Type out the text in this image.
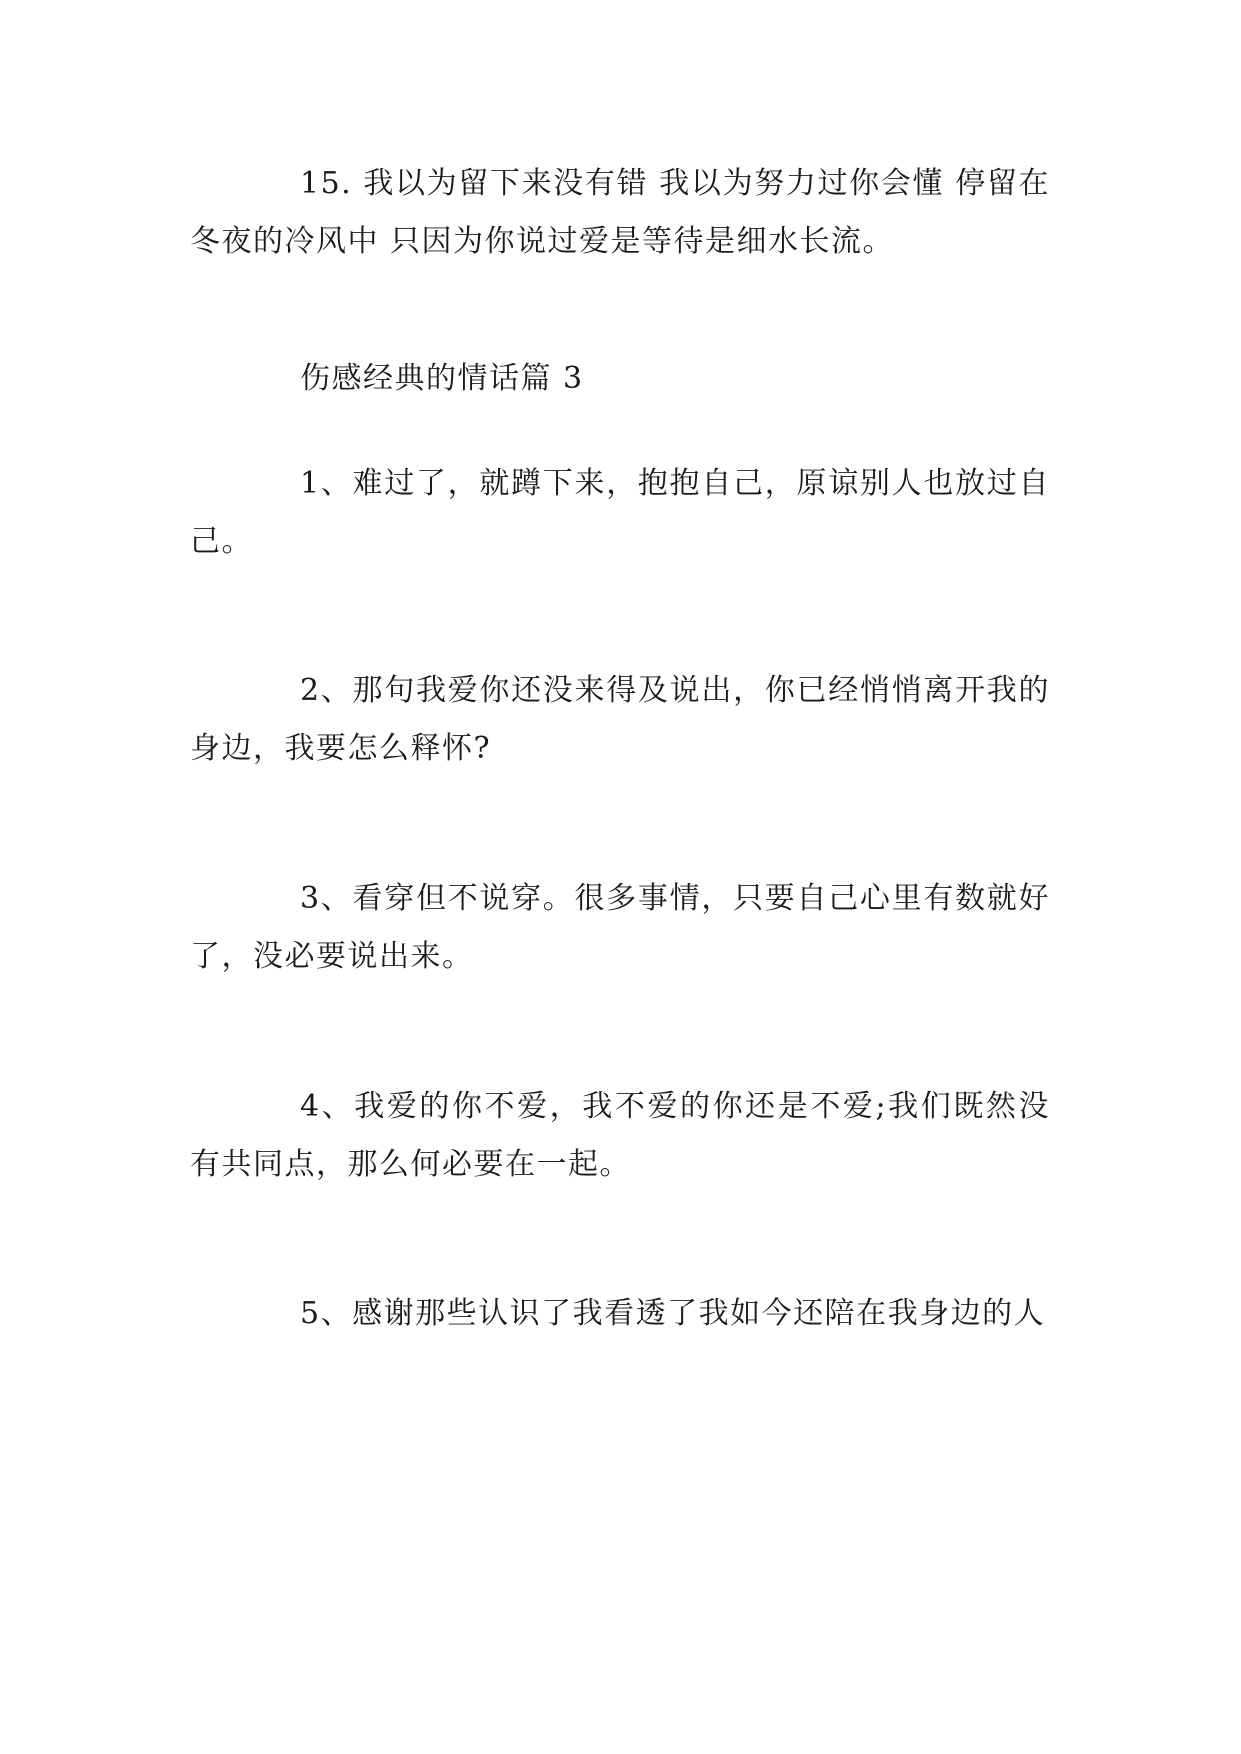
15. 我以为留下来没有错 我以为努力过你会懂 停留在冬夜的冷风中 只因为你说过爱是等待是细水长流。

伤感经典的情话篇 3

1、难过了，就蹲下来，抱抱自己，原谅别人也放过自己。

2、那句我爱你还没来得及说出，你已经悄悄离开我的身边，我要怎么释怀?

3、看穿但不说穿。很多事情，只要自己心里有数就好了，没必要说出来。

4、我爱的你不爱，我不爱的你还是不爱;我们既然没有共同点，那么何必要在一起。

5、感谢那些认识了我看透了我如今还陪在我身边的人
